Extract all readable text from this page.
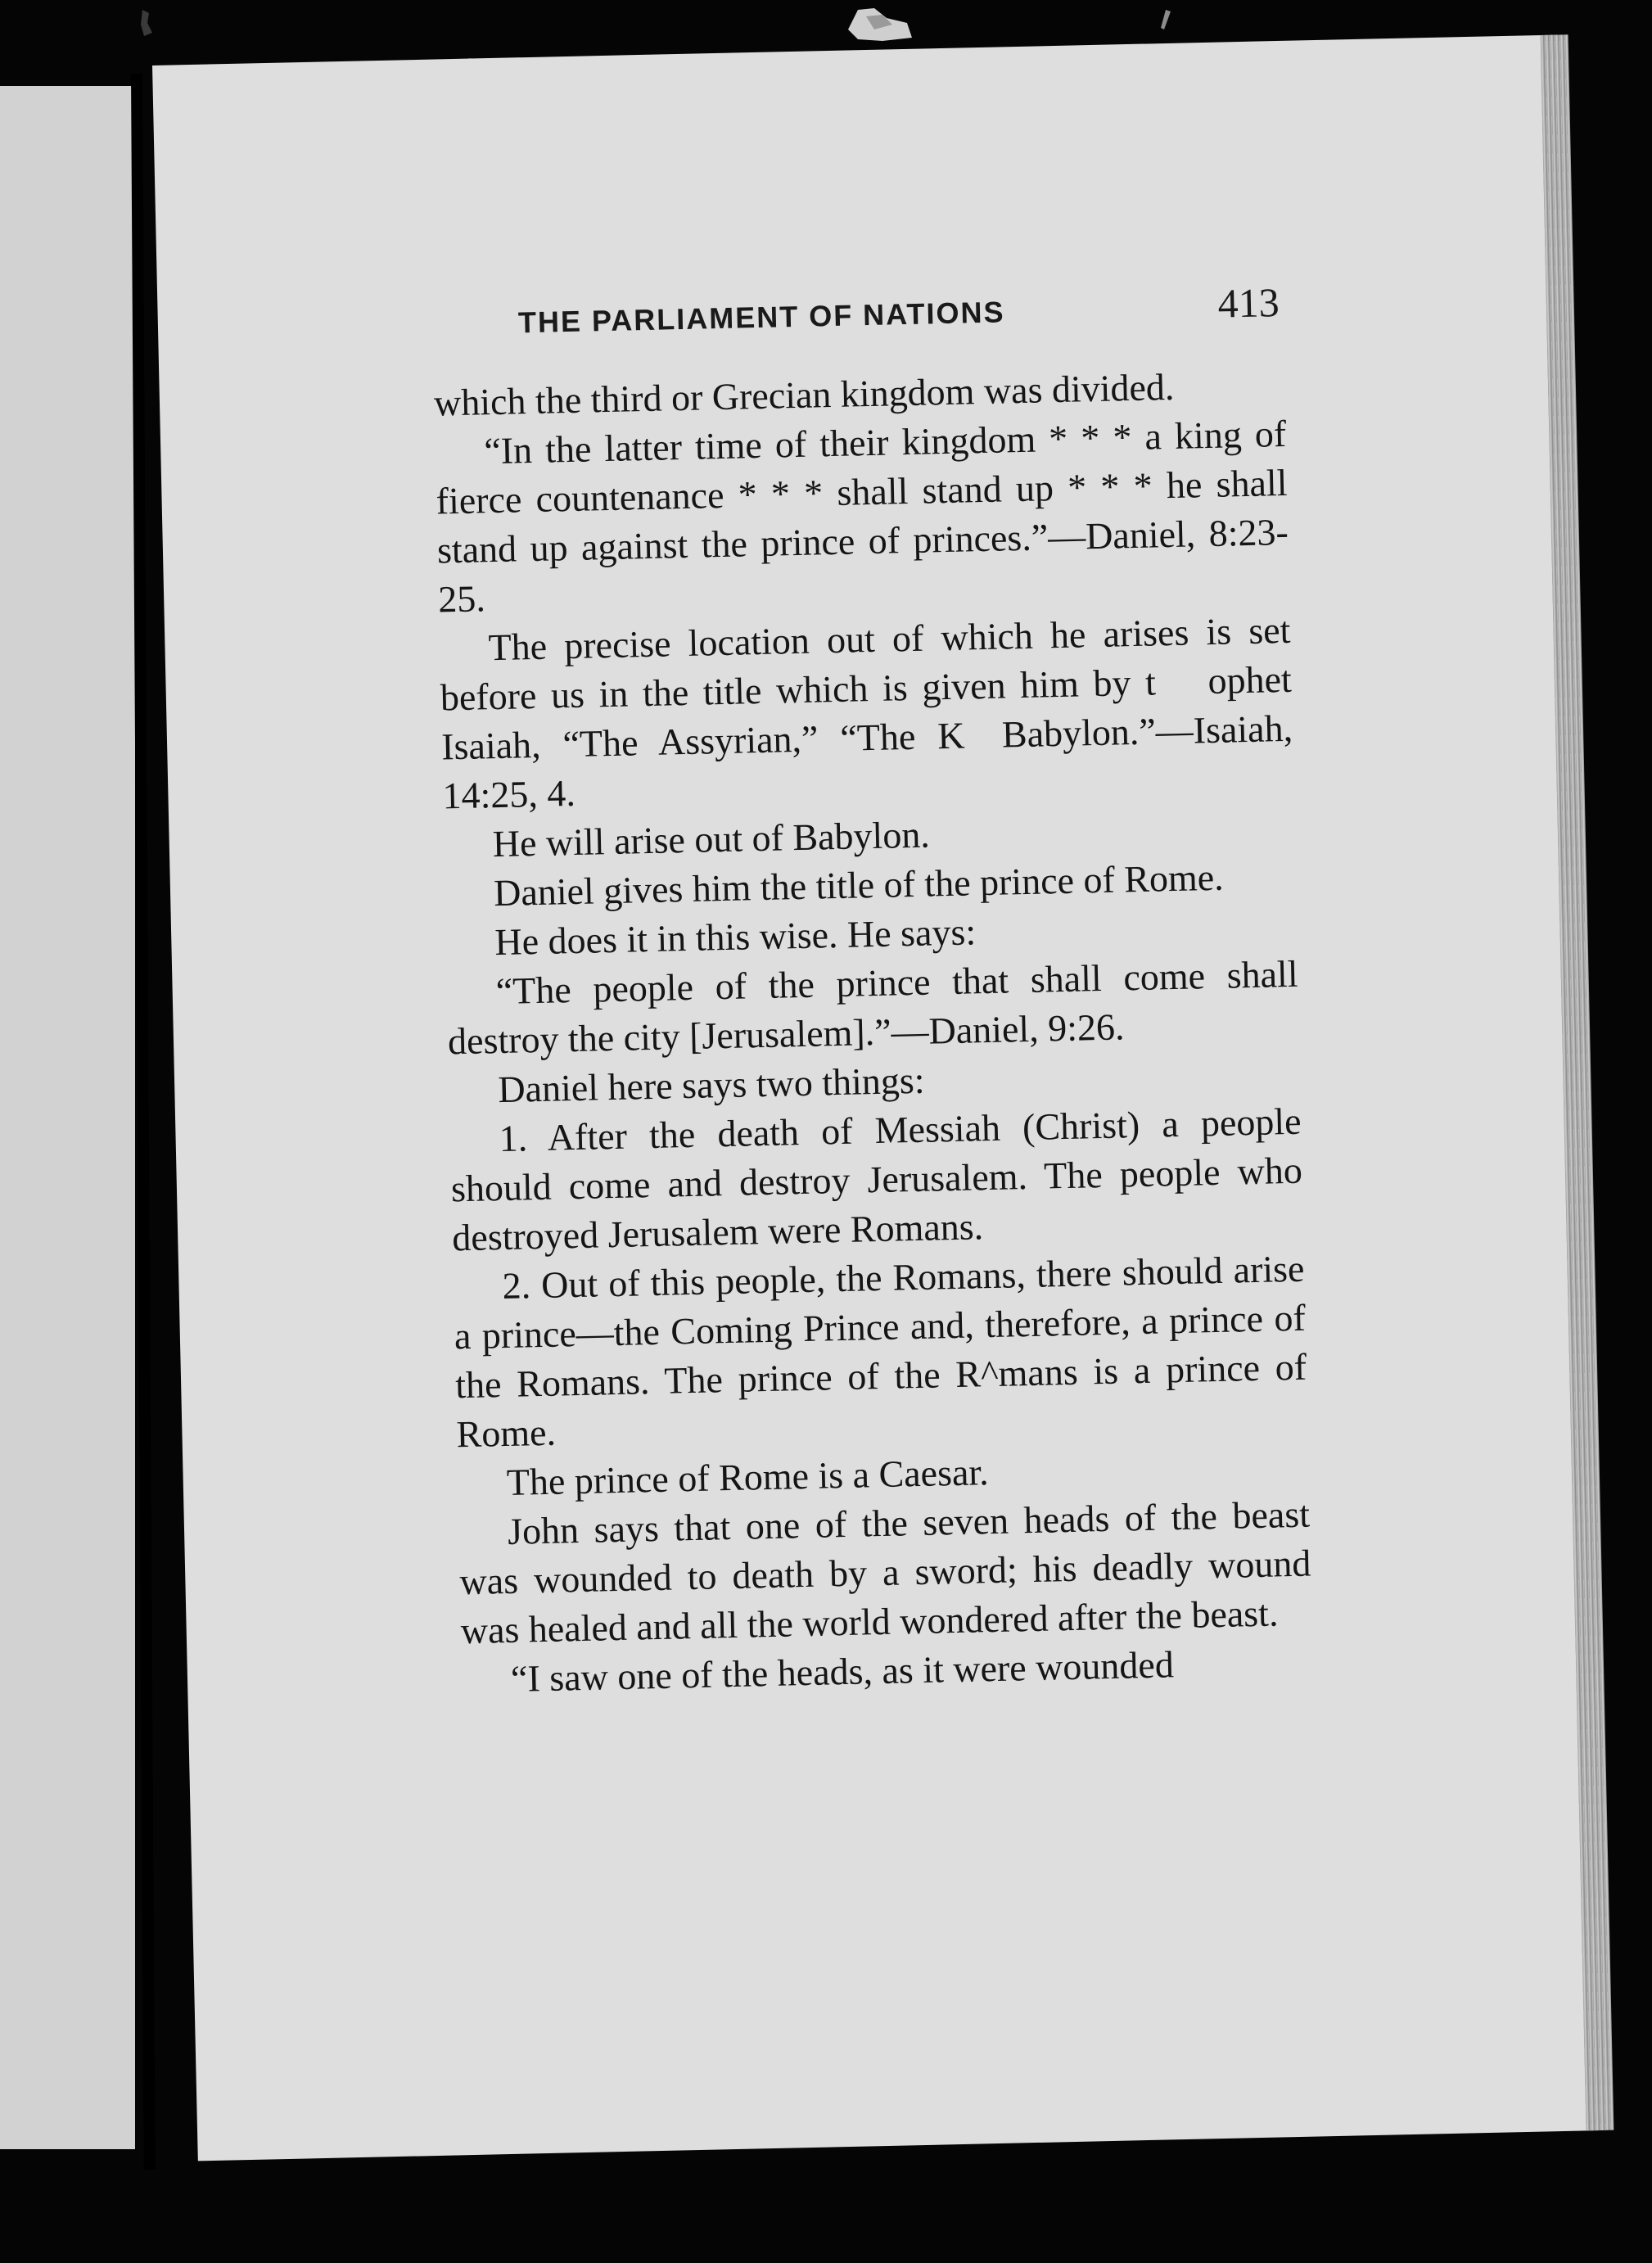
THE PARLIAMENT OF NATIONS	413

which the third or Grecian kingdom was divided.

“In the latter time of their kingdom * * * a king of fierce countenance * * * shall stand up * * * he shall stand up against the prince of princes.”—Daniel, 8:23-25.

The precise location out of which he arises is set before us in the title which is given him by t  ophet Isaiah, “The Assyrian,” “The K   Babylon.”—Isaiah, 14:25, 4.

He will arise out of Babylon.

Daniel gives him the title of the prince of Rome.

He does it in this wise. He says:

“The people of the prince that shall come shall destroy the city [Jerusalem].”—Daniel, 9:26.

Daniel here says two things:

1. After the death of Messiah (Christ) a people should come and destroy Jerusalem. The people who destroyed Jerusalem were Romans.

2. Out of this people, the Romans, there should arise a prince—the Coming Prince and, therefore, a prince of the Romans. The prince of the R^mans is a prince of Rome.

The prince of Rome is a Caesar.

John says that one of the seven heads of the beast was wounded to death by a sword; his deadly wound was healed and all the world wondered after the beast.

“I saw one of the heads, as it were wounded
